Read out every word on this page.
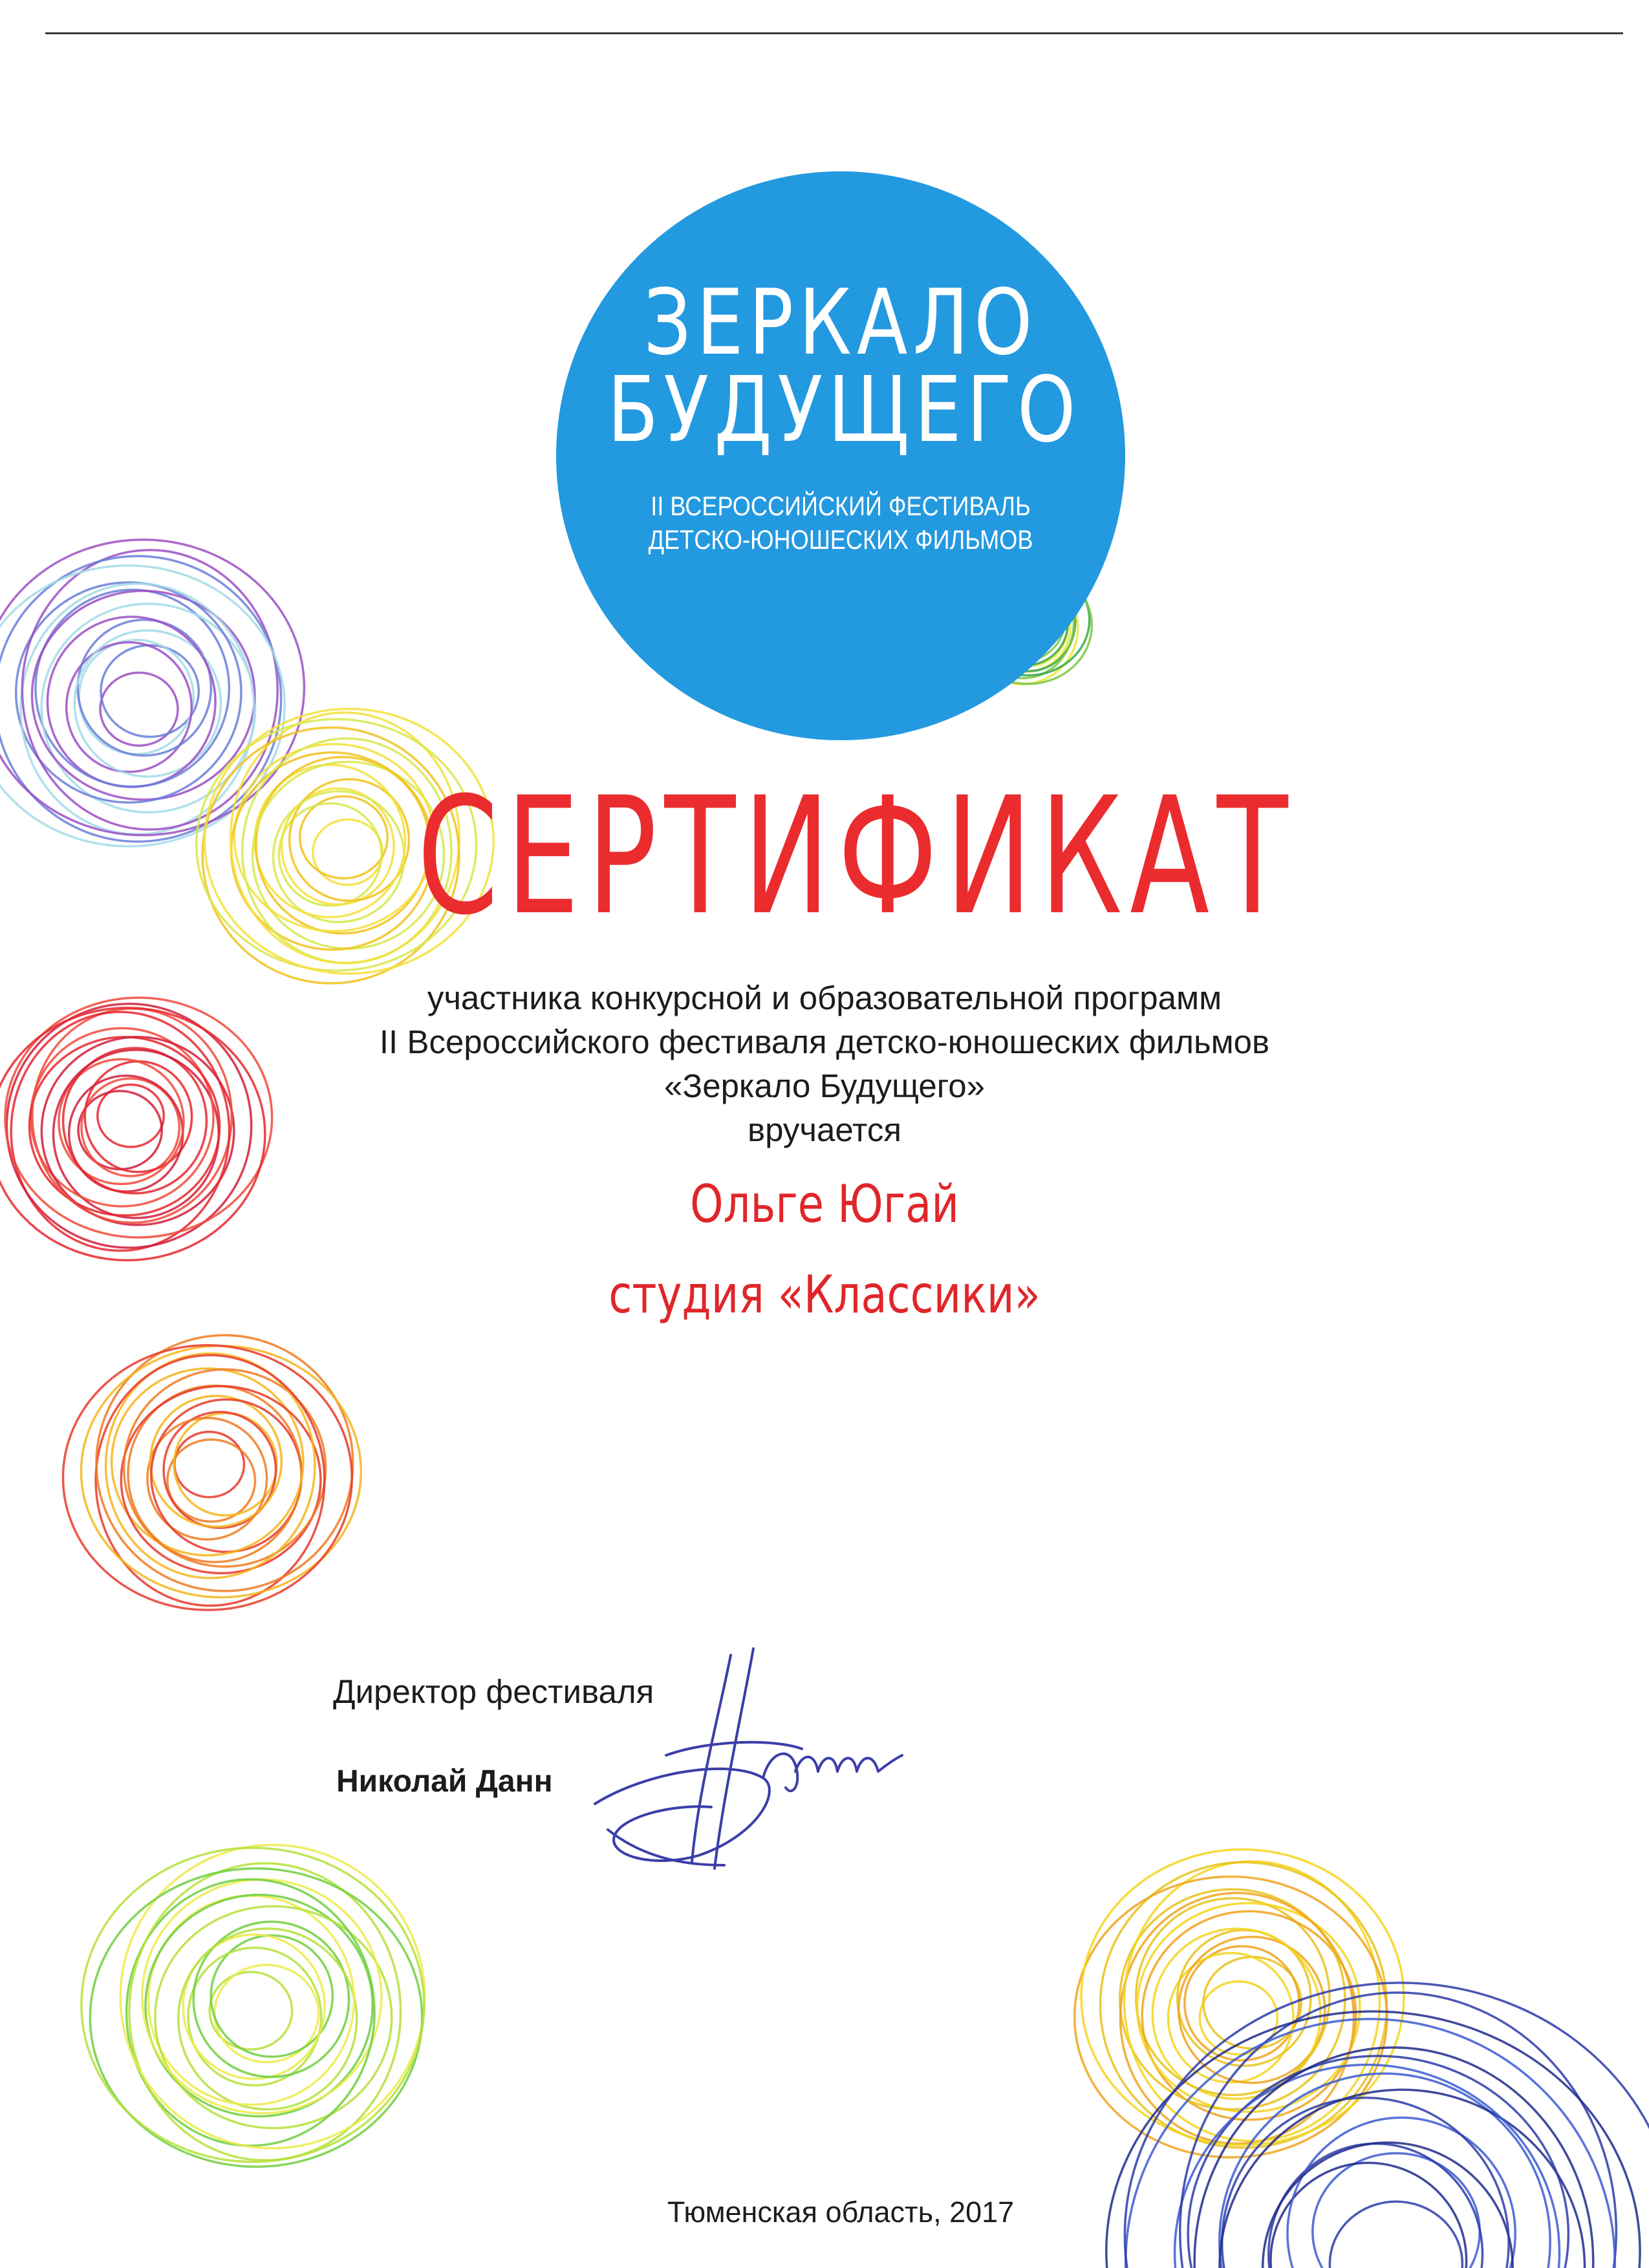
ЗЕРКАЛО
БУДУЩЕГО
II ВСЕРОССИЙСКИЙ ФЕСТИВАЛЬ
ДЕТСКО-ЮНОШЕСКИХ ФИЛЬМОВ
СЕРТИФИКАТ
участника конкурсной и образовательной программ
II Всероссийского фестиваля детско-юношеских фильмов
«Зеркало Будущего»
вручается
Ольге Югай
студия «Классики»
Директор фестиваля
Николай Данн
Тюменская область, 2017
